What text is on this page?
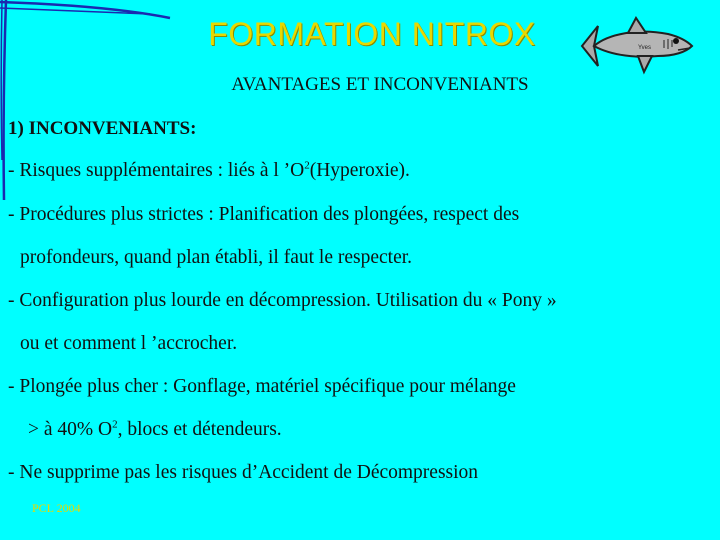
FORMATION NITROX	Yves
AVANTAGES ET INCONVENIANTS
1) INCONVENIANTS:
- Risques supplémentaires : liés à l $’O^2(Hyperoxie)$.
- Procédures plus strictes : Planification des plongées, respect des
profondeurs, quand plan établi, il faut le respecter.
- Configuration plus lourde en décompression. Utilisation du « Pony »
ou et comment l ’accrocher.
- Plongée plus cher : Gonflage, matériel spécifique pour mélange
> à 40% $O^2$, blocs et détendeurs.
- Ne supprime pas les risques d’Accident de Décompression
PCL 2004
